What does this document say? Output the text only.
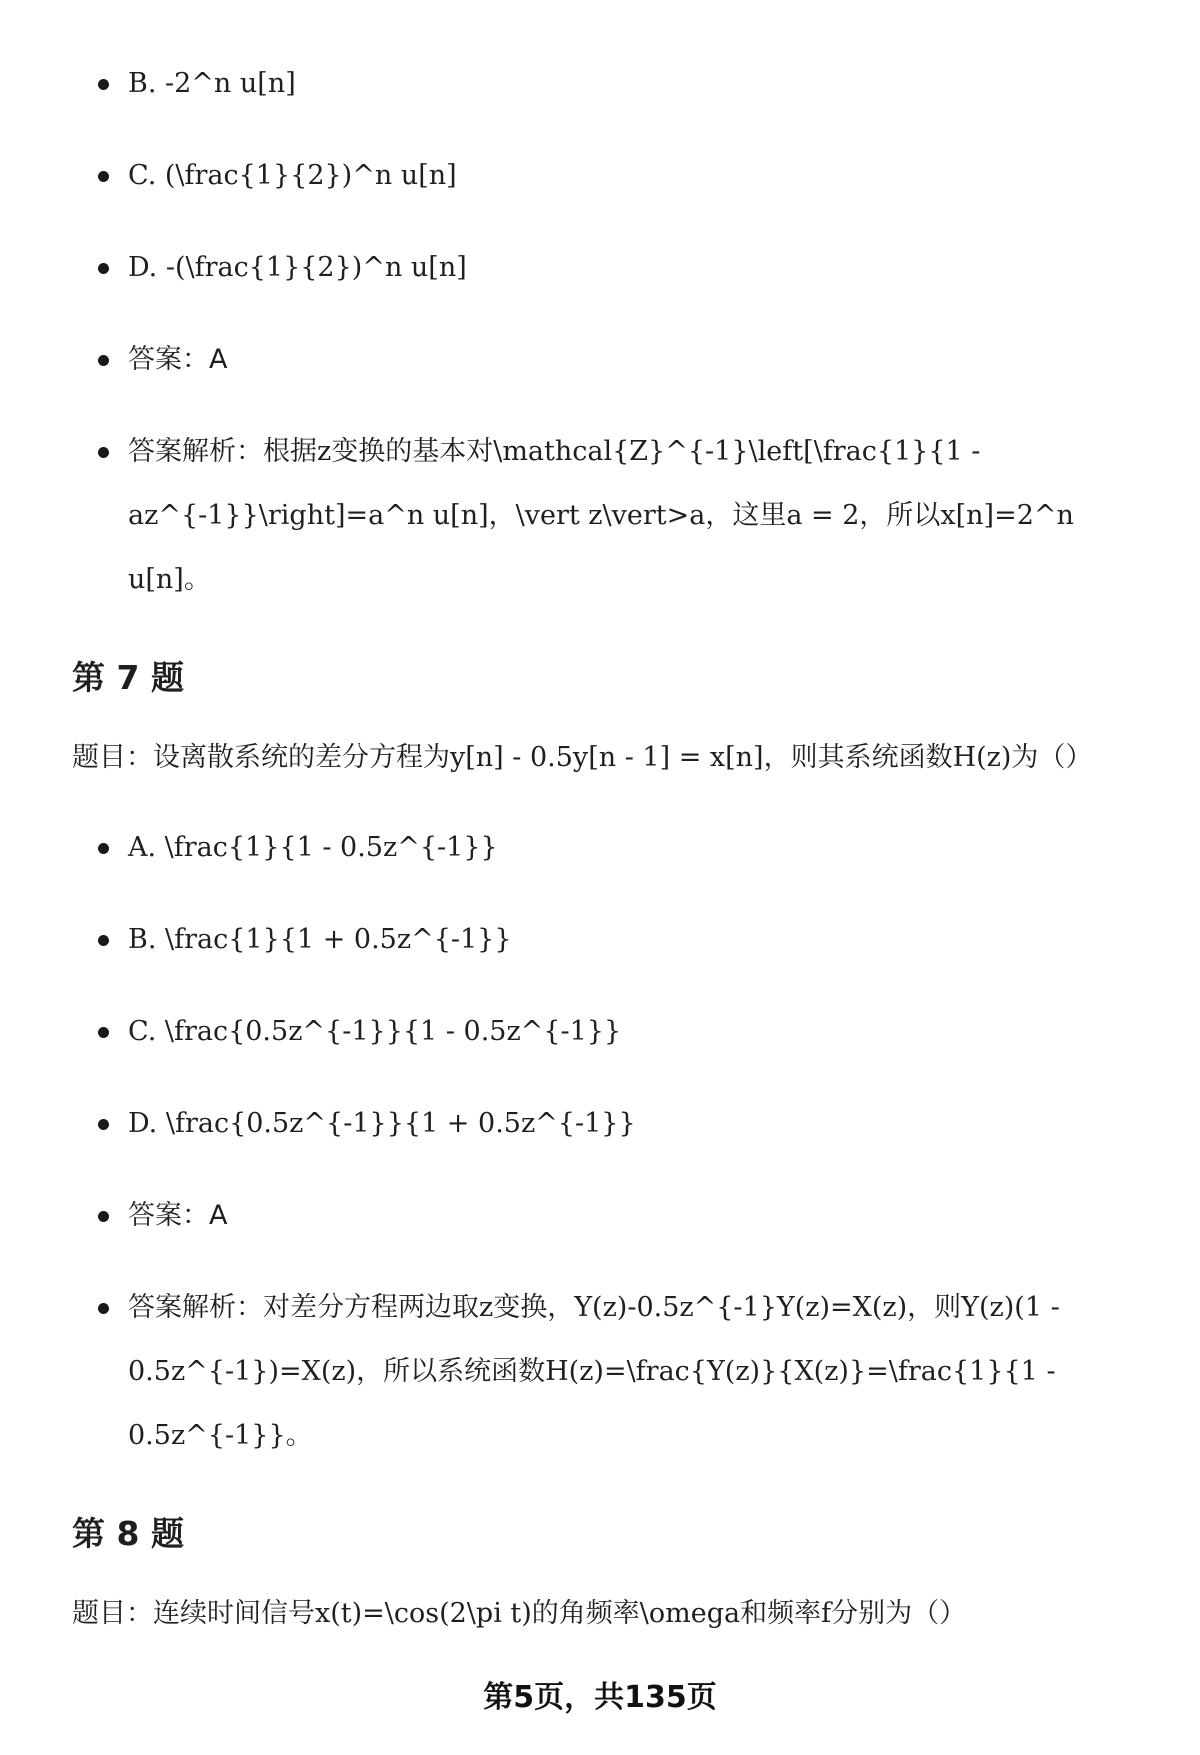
B. -2^n u[n]
C. (\frac{1}{2})^n u[n]
D. -(\frac{1}{2})^n u[n]
答案：A
答案解析：根据z变换的基本对\mathcal{Z}^{-1}\left[\frac{1}{1 - az^{-1}}\right]=a^n u[n]，\vert z\vert>a，这里a = 2，所以x[n]=2^n u[n]。
第 7 题

题目：设离散系统的差分方程为y[n] - 0.5y[n - 1] = x[n]，则其系统函数H(z)为（）

A. \frac{1}{1 - 0.5z^{-1}}
B. \frac{1}{1 + 0.5z^{-1}}
C. \frac{0.5z^{-1}}{1 - 0.5z^{-1}}
D. \frac{0.5z^{-1}}{1 + 0.5z^{-1}}
答案：A
答案解析：对差分方程两边取z变换，Y(z)-0.5z^{-1}Y(z)=X(z)，则Y(z)(1 - 0.5z^{-1})=X(z)，所以系统函数H(z)=\frac{Y(z)}{X(z)}=\frac{1}{1 - 0.5z^{-1}}。
第 8 题

题目：连续时间信号x(t)=\cos(2\pi t)的角频率\omega和频率f分别为（）

第5页，共135页
